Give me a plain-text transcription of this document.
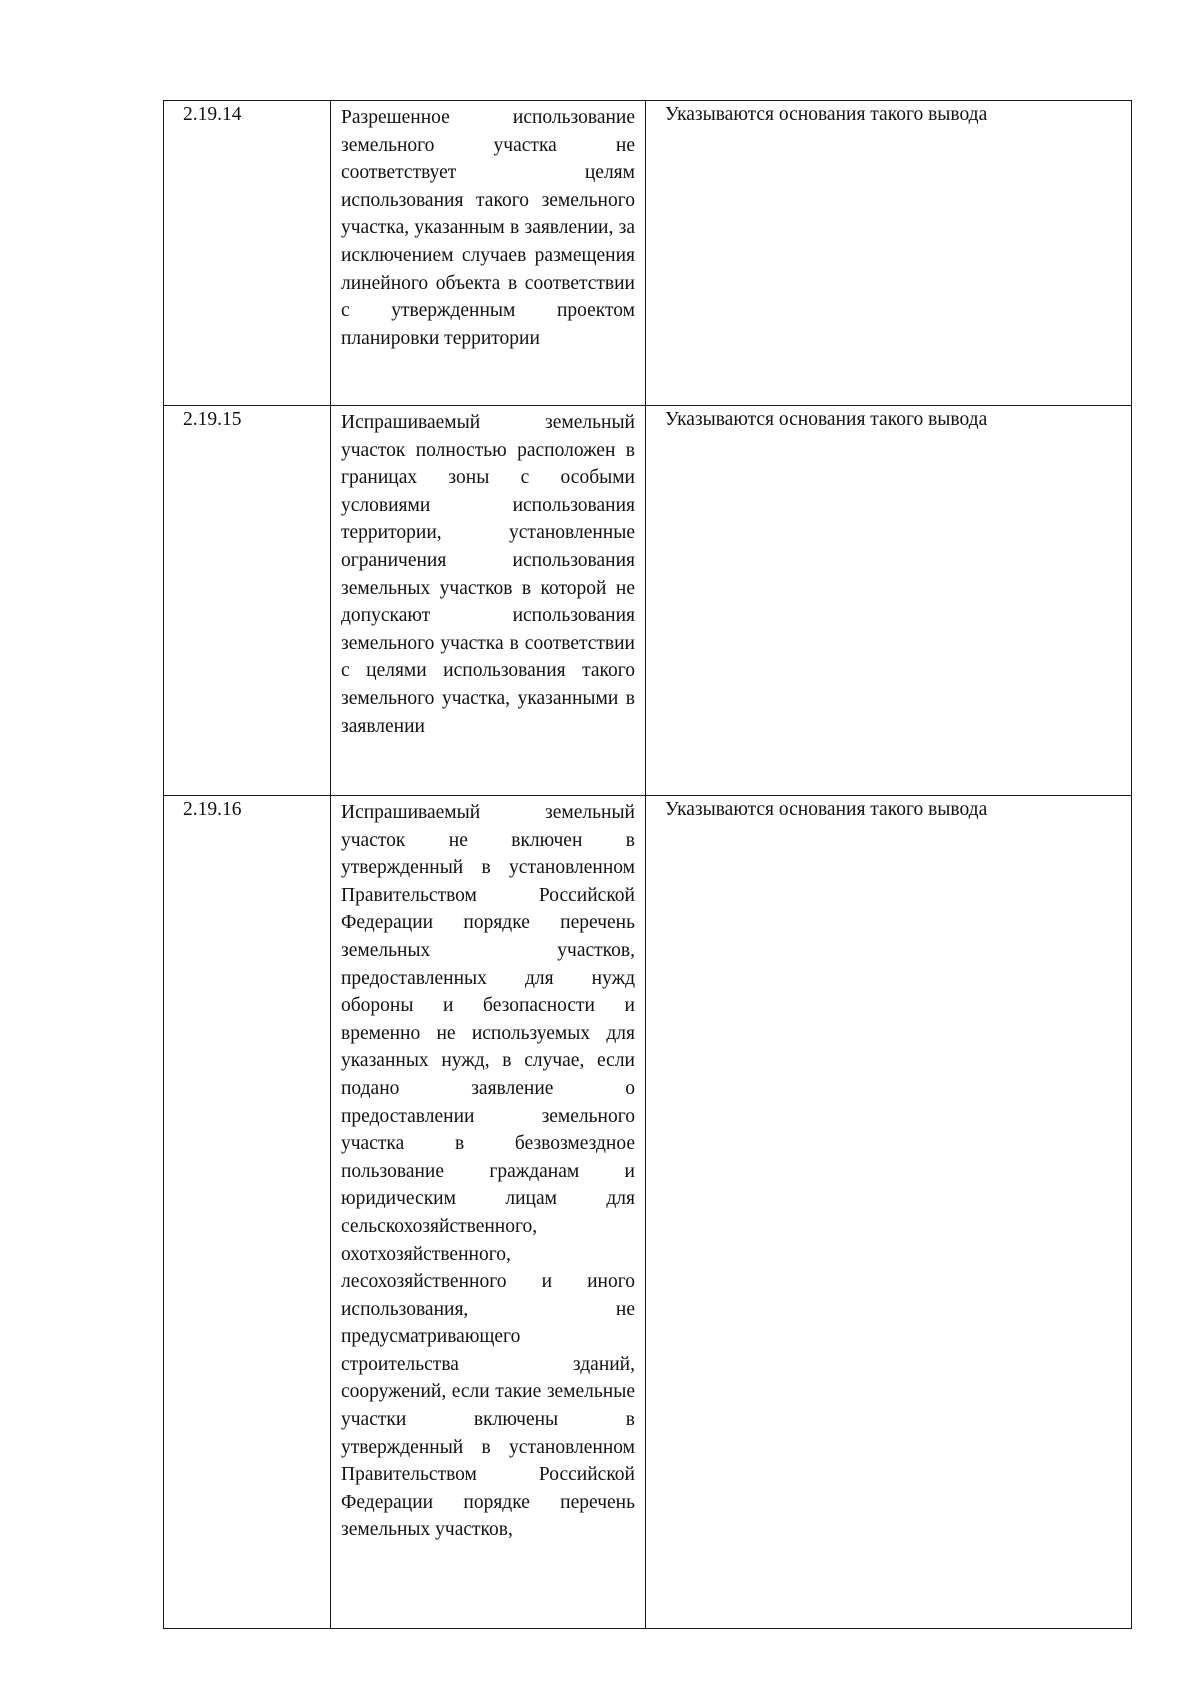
2.19.14	Разрешенное использование земельного участка не соответствует целям использования такого земельного участка, указанным в заявлении, за исключением случаев размещения линейного объекта в соответствии с утвержденным проектом планировки территории	Указываются основания такого вывода
2.19.15	Испрашиваемый земельный участок полностью расположен в границах зоны с особыми условиями использования территории, установленные ограничения использования земельных участков в которой не допускают использования земельного участка в соответствии с целями использования такого земельного участка, указанными в заявлении	Указываются основания такого вывода
2.19.16	Испрашиваемый земельный участок не включен в утвержденный в установленном Правительством Российской Федерации порядке перечень земельных участков, предоставленных для нужд обороны и безопасности и временно не используемых для указанных нужд, в случае, если подано заявление о предоставлении земельного участка в безвозмездное пользование гражданам и юридическим лицам для сельскохозяйственного, охотхозяйственного, лесохозяйственного и иного использования, не предусматривающего строительства зданий, сооружений, если такие земельные участки включены в утвержденный в установленном Правительством Российской Федерации порядке перечень земельных участков,	Указываются основания такого вывода
